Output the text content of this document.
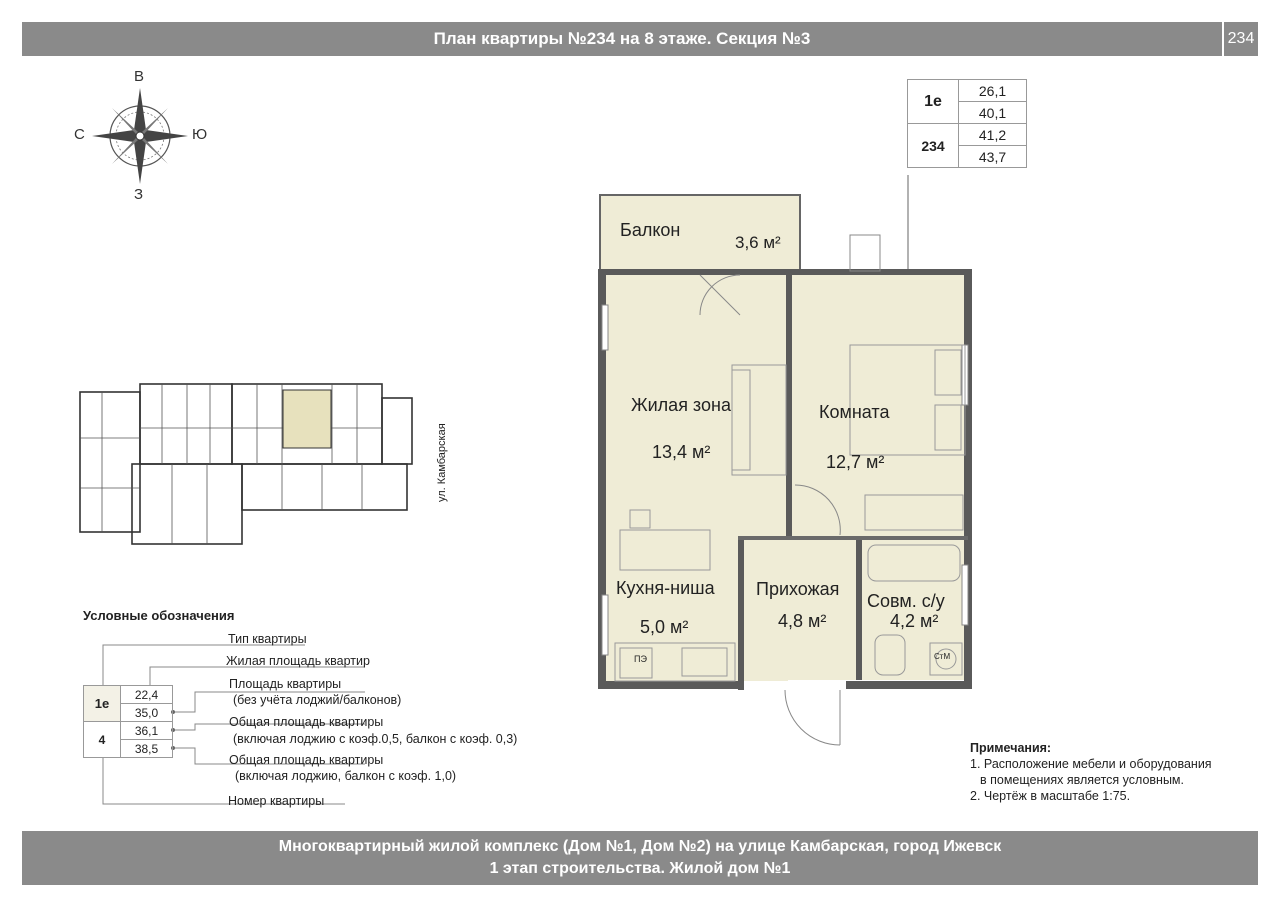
План квартиры №234 на 8 этаже. Секция №3	234
В
С	Ю
З
1е	26,1
	40,1
234	41,2
	43,7
Балкон
3,6 м²
Жилая зона
13,4 м²
Комната
12,7 м²
Кухня-ниша
5,0 м²
Прихожая
4,8 м²
Совм. с/у
4,2 м²
ПЭ	СтМ
ул. Камбарская
Условные обозначения
1е	22,4
	35,0
4	36,1
	38,5
Тип квартиры
Жилая площадь квартир
Площадь квартиры
(без учёта лоджий/балконов)
Общая площадь квартиры
(включая лоджию с коэф.0,5, балкон с коэф. 0,3)
Общая площадь квартиры
(включая лоджию, балкон с коэф. 1,0)
Номер квартиры
Примечания:
1. Расположение мебели и оборудования
в помещениях является условным.
2. Чертёж в масштабе 1:75.
Многоквартирный жилой комплекс (Дом №1, Дом №2) на улице Камбарская, город Ижевск
1 этап строительства. Жилой дом №1
